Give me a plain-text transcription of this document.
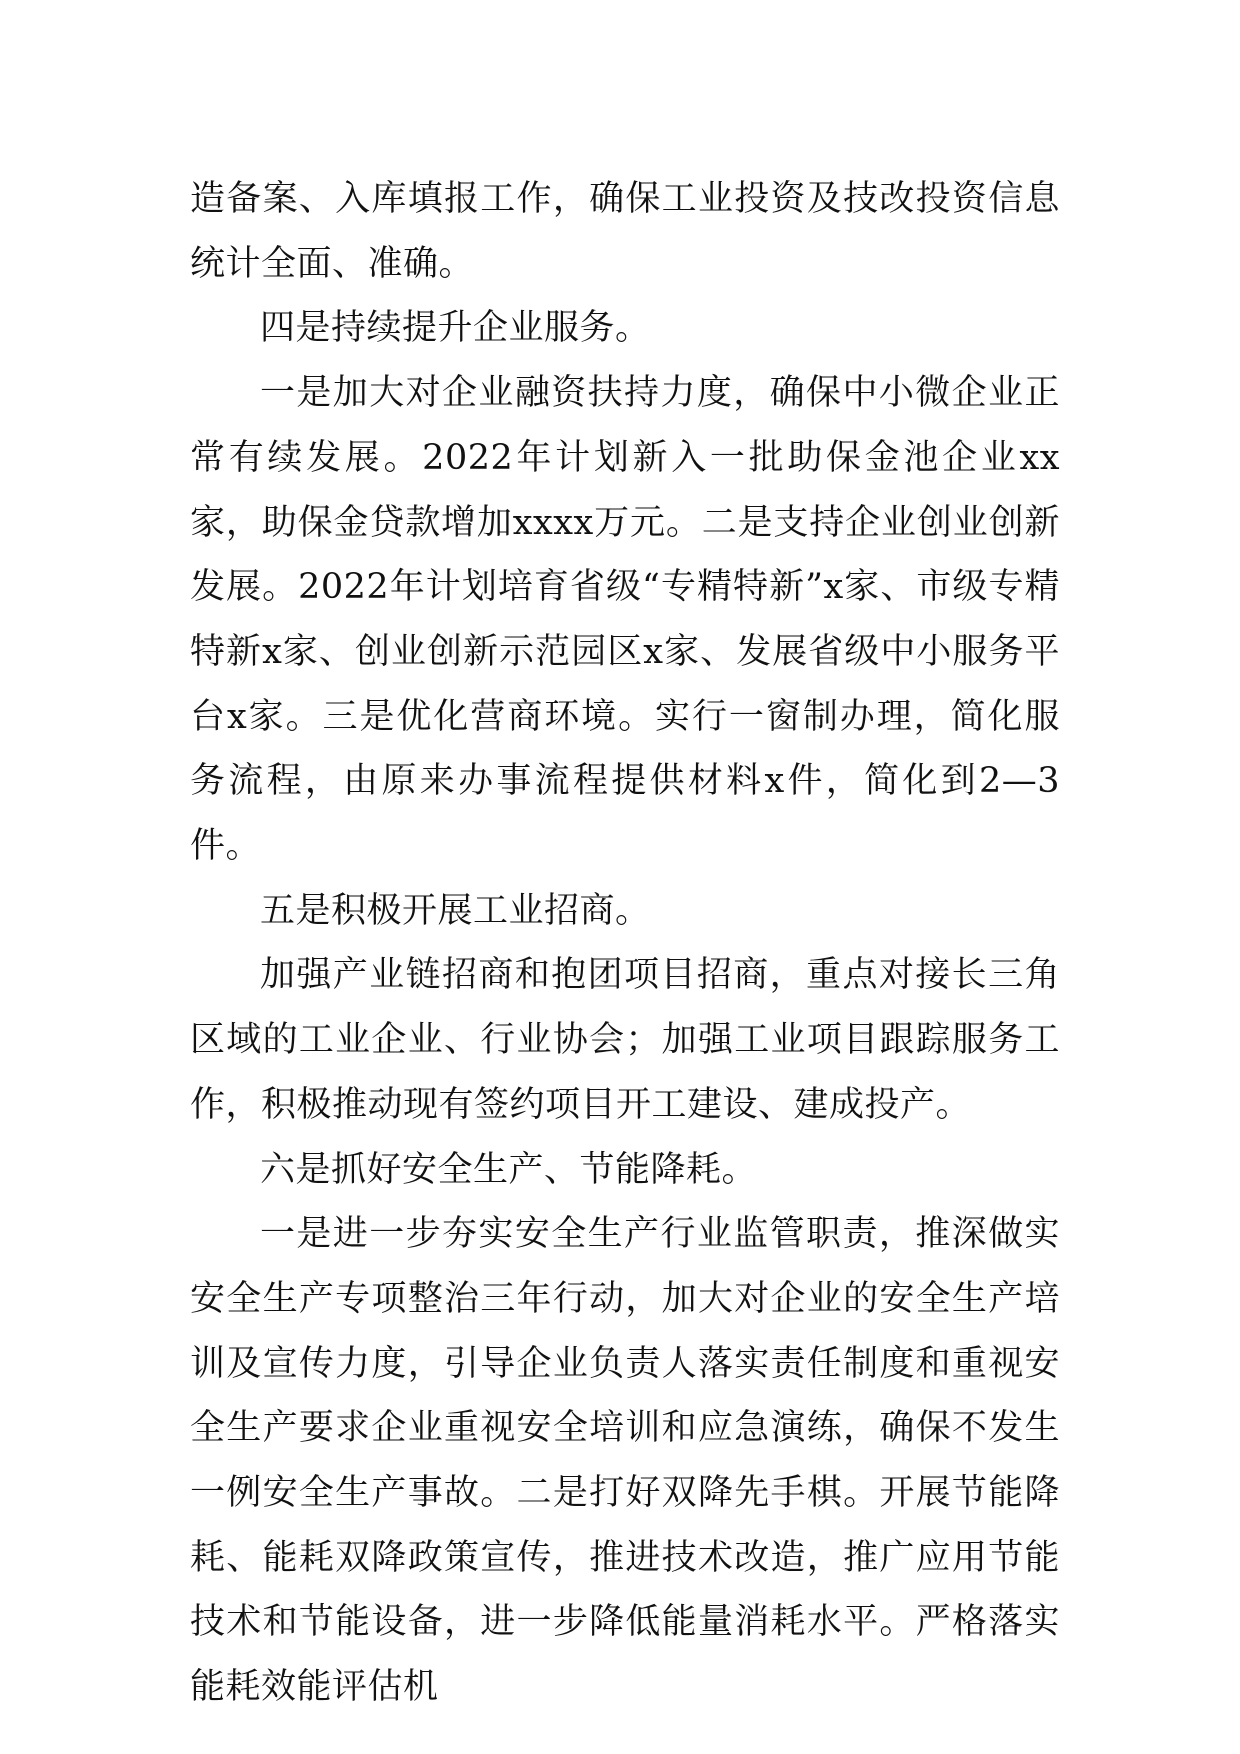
造备案、入库填报工作，确保工业投资及技改投资信息统计全面、准确。

四是持续提升企业服务。

一是加大对企业融资扶持力度，确保中小微企业正常有续发展。2022年计划新入一批助保金池企业xx家，助保金贷款增加xxxx万元。二是支持企业创业创新发展。2022年计划培育省级“专精特新”x家、市级专精特新x家、创业创新示范园区x家、发展省级中小服务平台x家。三是优化营商环境。实行一窗制办理，简化服务流程，由原来办事流程提供材料x件，简化到2—3件。

五是积极开展工业招商。

加强产业链招商和抱团项目招商，重点对接长三角区域的工业企业、行业协会；加强工业项目跟踪服务工作，积极推动现有签约项目开工建设、建成投产。

六是抓好安全生产、节能降耗。

一是进一步夯实安全生产行业监管职责，推深做实安全生产专项整治三年行动，加大对企业的安全生产培训及宣传力度，引导企业负责人落实责任制度和重视安全生产要求企业重视安全培训和应急演练，确保不发生一例安全生产事故。二是打好双降先手棋。开展节能降耗、能耗双降政策宣传，推进技术改造，推广应用节能技术和节能设备，进一步降低能量消耗水平。严格落实能耗效能评估机
